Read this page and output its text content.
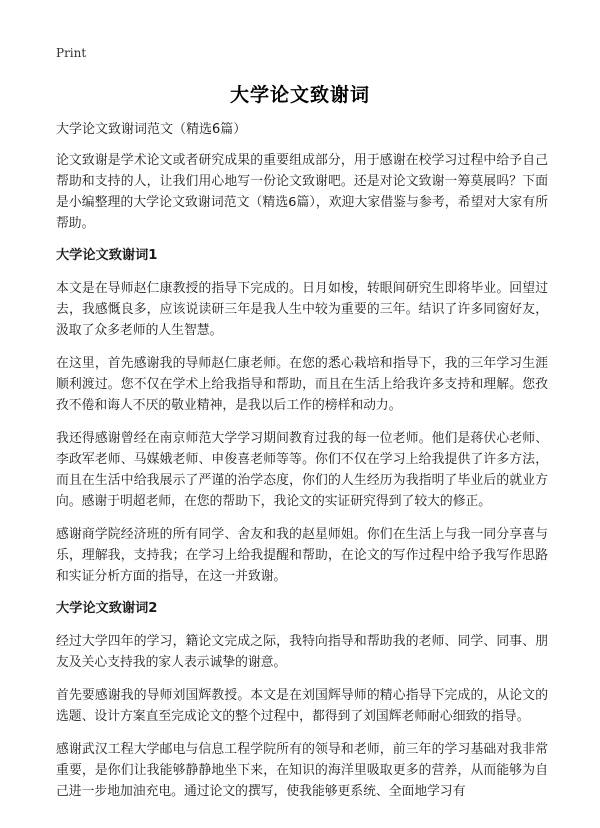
Print
大学论文致谢词
大学论文致谢词范文（精选6篇）

论文致谢是学术论文或者研究成果的重要组成部分，用于感谢在校学习过程中给予自己帮助和支持的人，让我们用心地写一份论文致谢吧。还是对论文致谢一筹莫展吗？下面是小编整理的大学论文致谢词范文（精选6篇），欢迎大家借鉴与参考，希望对大家有所帮助。

大学论文致谢词1

本文是在导师赵仁康教授的指导下完成的。日月如梭，转眼间研究生即将毕业。回望过去，我感慨良多，应该说读研三年是我人生中较为重要的三年。结识了许多同窗好友，汲取了众多老师的人生智慧。

在这里，首先感谢我的导师赵仁康老师。在您的悉心栽培和指导下，我的三年学习生涯顺利渡过。您不仅在学术上给我指导和帮助，而且在生活上给我许多支持和理解。您孜孜不倦和诲人不厌的敬业精神，是我以后工作的榜样和动力。

我还得感谢曾经在南京师范大学学习期间教育过我的每一位老师。他们是蒋伏心老师、李政军老师、马媒娥老师、申俊喜老师等等。你们不仅在学习上给我提供了许多方法，而且在生活中给我展示了严谨的治学态度，你们的人生经历为我指明了毕业后的就业方向。感谢于明超老师，在您的帮助下，我论文的实证研究得到了较大的修正。

感谢商学院经济班的所有同学、舍友和我的赵星师姐。你们在生活上与我一同分享喜与乐，理解我，支持我；在学习上给我提醒和帮助，在论文的写作过程中给予我写作思路和实证分析方面的指导，在这一并致谢。

大学论文致谢词2

经过大学四年的学习，籍论文完成之际，我特向指导和帮助我的老师、同学、同事、朋友及关心支持我的家人表示诚挚的谢意。

首先要感谢我的导师刘国辉教授。本文是在刘国辉导师的精心指导下完成的，从论文的选题、设计方案直至完成论文的整个过程中，都得到了刘国辉老师耐心细致的指导。

感谢武汉工程大学邮电与信息工程学院所有的领导和老师，前三年的学习基础对我非常重要，是你们让我能够静静地坐下来，在知识的海洋里吸取更多的营养，从而能够为自己进一步地加油充电。通过论文的撰写，使我能够更系统、全面地学习有
